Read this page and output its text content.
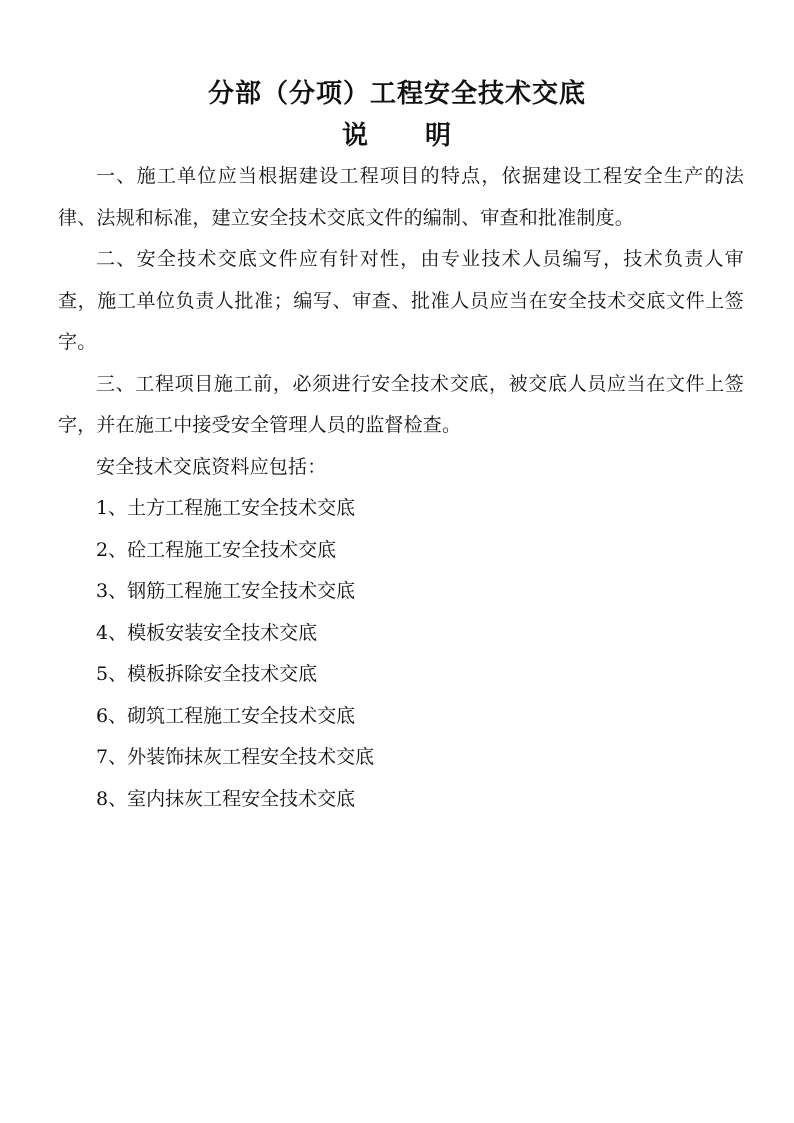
分部（分项）工程安全技术交底
说 明

一、施工单位应当根据建设工程项目的特点，依据建设工程安全生产的法律、法规和标准，建立安全技术交底文件的编制、审查和批准制度。

二、安全技术交底文件应有针对性，由专业技术人员编写，技术负责人审查，施工单位负责人批准；编写、审查、批准人员应当在安全技术交底文件上签字。

三、工程项目施工前，必须进行安全技术交底，被交底人员应当在文件上签字，并在施工中接受安全管理人员的监督检查。

安全技术交底资料应包括：

1、土方工程施工安全技术交底
2、砼工程施工安全技术交底
3、钢筋工程施工安全技术交底
4、模板安装安全技术交底
5、模板拆除安全技术交底
6、砌筑工程施工安全技术交底
7、外装饰抹灰工程安全技术交底
8、室内抹灰工程安全技术交底
